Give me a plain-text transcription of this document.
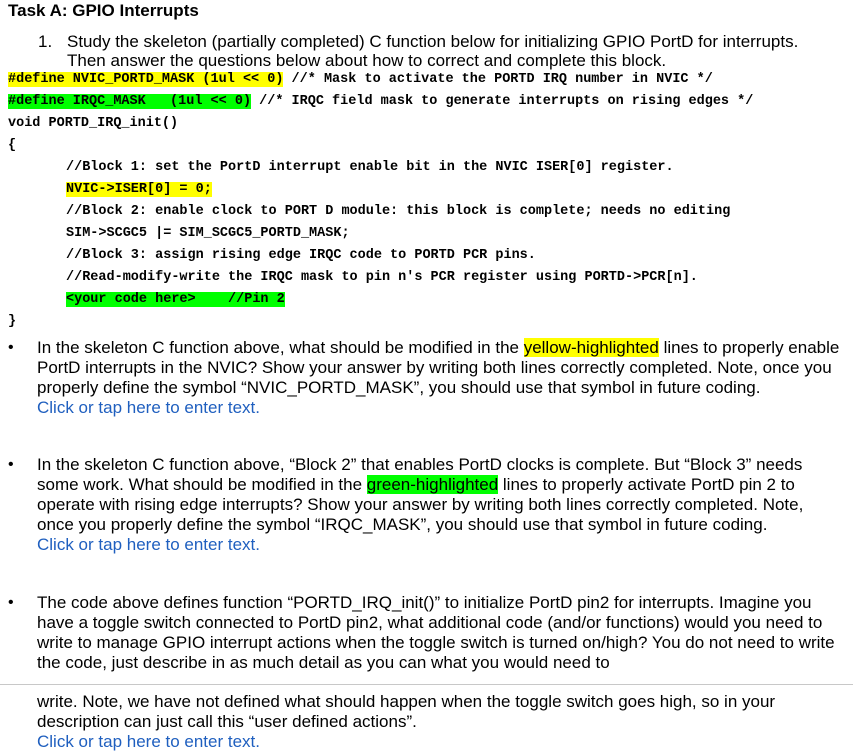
Task A: GPIO Interrupts
1. Study the skeleton (partially completed) C function below for initializing GPIO PortD for interrupts. Then answer the questions below about how to correct and complete this block.
#define NVIC_PORTD_MASK (1ul << 0) //* Mask to activate the PORTD IRQ number in NVIC */
#define IRQC_MASK   (1ul << 0) //* IRQC field mask to generate interrupts on rising edges */
void PORTD_IRQ_init()
{
//Block 1: set the PortD interrupt enable bit in the NVIC ISER[0] register.
NVIC->ISER[0] = 0;
//Block 2: enable clock to PORT D module: this block is complete; needs no editing
SIM->SCGC5 |= SIM_SCGC5_PORTD_MASK;
//Block 3: assign rising edge IRQC code to PORTD PCR pins.
//Read-modify-write the IRQC mask to pin n's PCR register using PORTD->PCR[n].
<your code here>    //Pin 2
}
• In the skeleton C function above, what should be modified in the yellow-highlighted lines to properly enable PortD interrupts in the NVIC? Show your answer by writing both lines correctly completed. Note, once you properly define the symbol “NVIC_PORTD_MASK”, you should use that symbol in future coding.
Click or tap here to enter text.
• In the skeleton C function above, “Block 2” that enables PortD clocks is complete. But “Block 3” needs some work. What should be modified in the green-highlighted lines to properly activate PortD pin 2 to operate with rising edge interrupts? Show your answer by writing both lines correctly completed. Note, once you properly define the symbol “IRQC_MASK”, you should use that symbol in future coding.
Click or tap here to enter text.
• The code above defines function “PORTD_IRQ_init()” to initialize PortD pin2 for interrupts. Imagine you have a toggle switch connected to PortD pin2, what additional code (and/or functions) would you need to write to manage GPIO interrupt actions when the toggle switch is turned on/high? You do not need to write the code, just describe in as much detail as you can what you would need to
write. Note, we have not defined what should happen when the toggle switch goes high, so in your description can just call this “user defined actions”.
Click or tap here to enter text.
